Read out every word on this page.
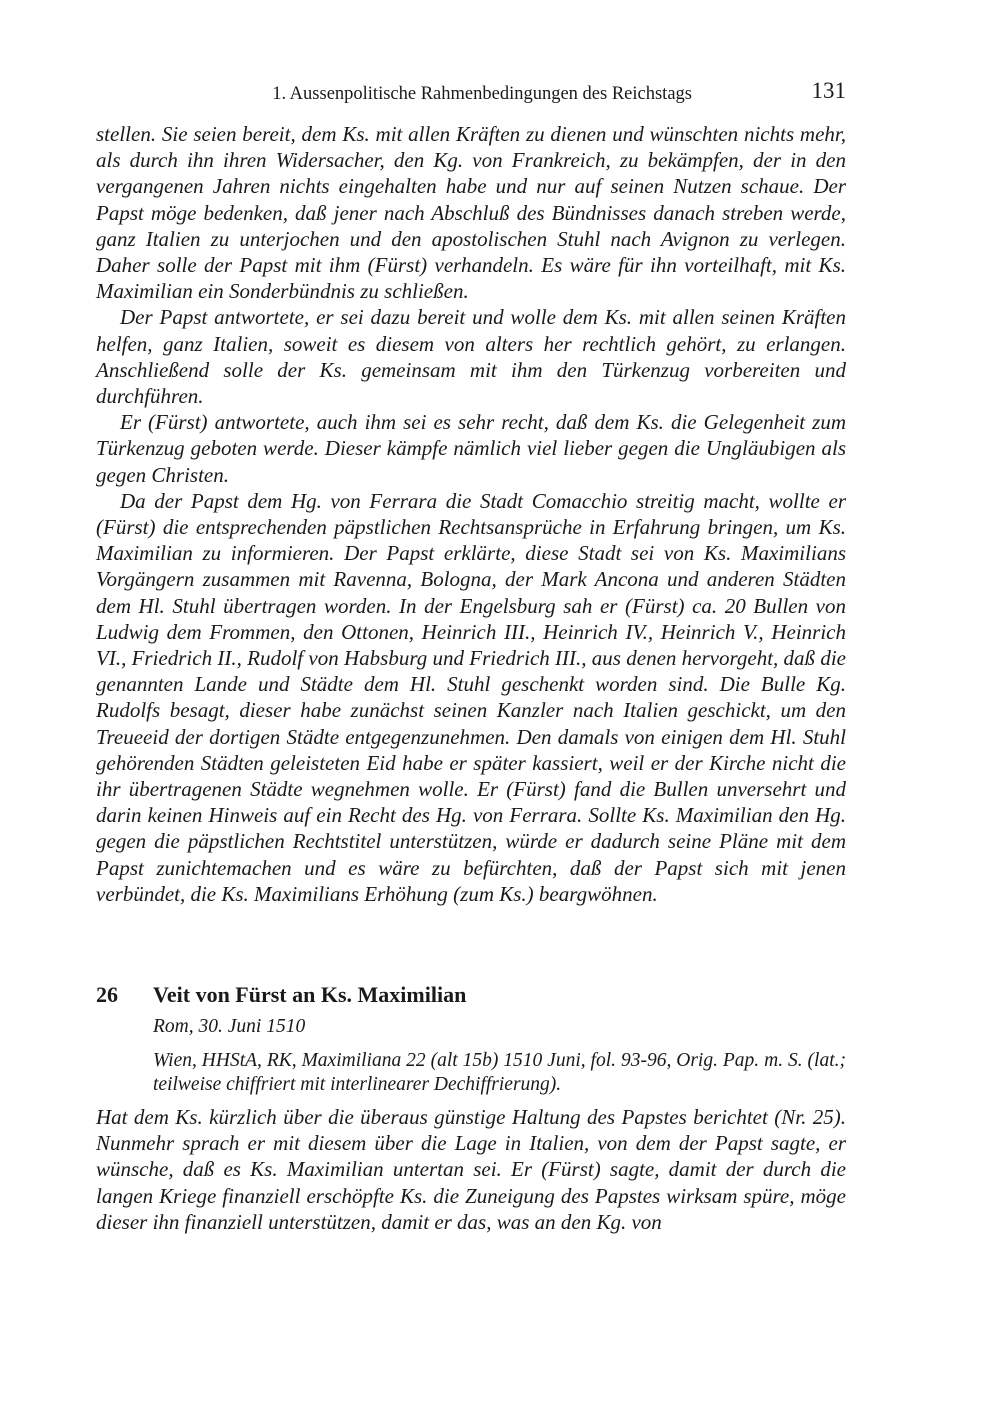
1. Aussenpolitische Rahmenbedingungen des Reichstags	131

stellen. Sie seien bereit, dem Ks. mit allen Kräften zu dienen und wünschten nichts mehr, als durch ihn ihren Widersacher, den Kg. von Frankreich, zu bekämpfen, der in den vergangenen Jahren nichts eingehalten habe und nur auf seinen Nutzen schaue. Der Papst möge bedenken, daß jener nach Abschluß des Bündnisses danach streben werde, ganz Italien zu unterjochen und den apostolischen Stuhl nach Avignon zu verlegen. Daher solle der Papst mit ihm (Fürst) verhandeln. Es wäre für ihn vorteilhaft, mit Ks. Maximilian ein Sonderbündnis zu schließen.

Der Papst antwortete, er sei dazu bereit und wolle dem Ks. mit allen seinen Kräften helfen, ganz Italien, soweit es diesem von alters her rechtlich gehört, zu erlangen. Anschließend solle der Ks. gemeinsam mit ihm den Türkenzug vorbereiten und durchführen.

Er (Fürst) antwortete, auch ihm sei es sehr recht, daß dem Ks. die Gelegenheit zum Türkenzug geboten werde. Dieser kämpfe nämlich viel lieber gegen die Ungläubigen als gegen Christen.

Da der Papst dem Hg. von Ferrara die Stadt Comacchio streitig macht, wollte er (Fürst) die entsprechenden päpstlichen Rechtsansprüche in Erfahrung bringen, um Ks. Maximilian zu informieren. Der Papst erklärte, diese Stadt sei von Ks. Maximilians Vorgängern zusammen mit Ravenna, Bologna, der Mark Ancona und anderen Städten dem Hl. Stuhl übertragen worden. In der Engelsburg sah er (Fürst) ca. 20 Bullen von Ludwig dem Frommen, den Ottonen, Heinrich III., Heinrich IV., Heinrich V., Heinrich VI., Friedrich II., Rudolf von Habsburg und Friedrich III., aus denen hervorgeht, daß die genannten Lande und Städte dem Hl. Stuhl geschenkt worden sind. Die Bulle Kg. Rudolfs besagt, dieser habe zunächst seinen Kanzler nach Italien geschickt, um den Treueeid der dortigen Städte entgegenzunehmen. Den damals von einigen dem Hl. Stuhl gehörenden Städten geleisteten Eid habe er später kassiert, weil er der Kirche nicht die ihr übertragenen Städte wegnehmen wolle. Er (Fürst) fand die Bullen unversehrt und darin keinen Hinweis auf ein Recht des Hg. von Ferrara. Sollte Ks. Maximilian den Hg. gegen die päpstlichen Rechtstitel unterstützen, würde er dadurch seine Pläne mit dem Papst zunichtemachen und es wäre zu befürchten, daß der Papst sich mit jenen verbündet, die Ks. Maximilians Erhöhung (zum Ks.) beargwöhnen.

26 Veit von Fürst an Ks. Maximilian
Rom, 30. Juni 1510
Wien, HHStA, RK, Maximiliana 22 (alt 15b) 1510 Juni, fol. 93-96, Orig. Pap. m. S. (lat.; teilweise chiffriert mit interlinearer Dechiffrierung).

Hat dem Ks. kürzlich über die überaus günstige Haltung des Papstes berichtet (Nr. 25). Nunmehr sprach er mit diesem über die Lage in Italien, von dem der Papst sagte, er wünsche, daß es Ks. Maximilian untertan sei. Er (Fürst) sagte, damit der durch die langen Kriege finanziell erschöpfte Ks. die Zuneigung des Papstes wirksam spüre, möge dieser ihn finanziell unterstützen, damit er das, was an den Kg. von
